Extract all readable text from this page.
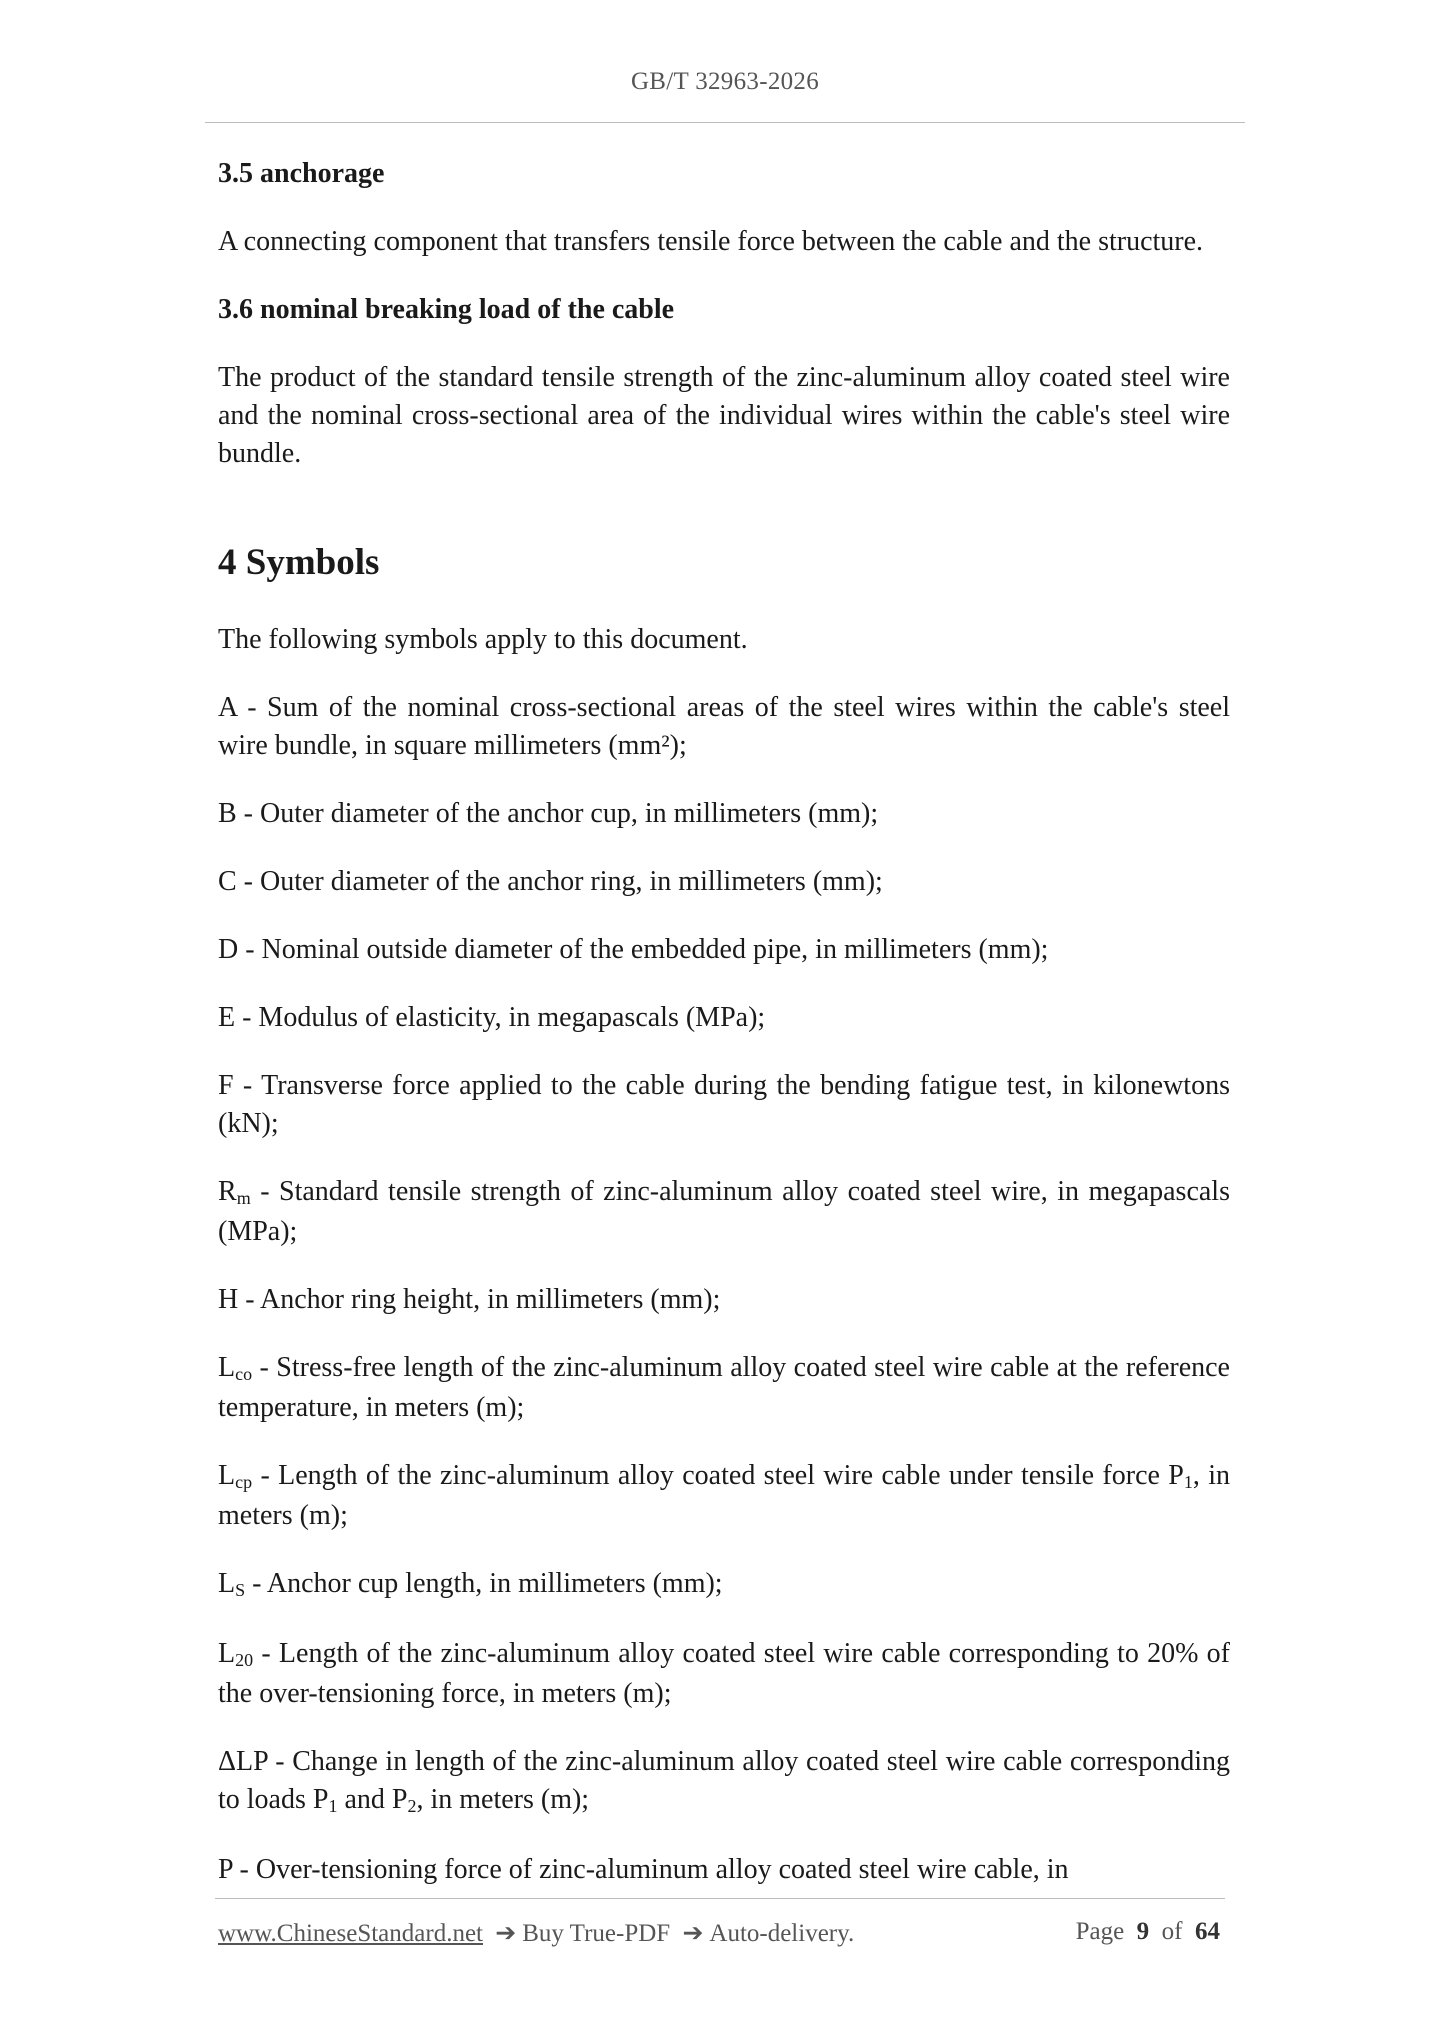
GB/T 32963-2026
3.5 anchorage
A connecting component that transfers tensile force between the cable and the structure.
3.6 nominal breaking load of the cable
The product of the standard tensile strength of the zinc-aluminum alloy coated steel wire and the nominal cross-sectional area of the individual wires within the cable's steel wire bundle.
4 Symbols
The following symbols apply to this document.
A - Sum of the nominal cross-sectional areas of the steel wires within the cable's steel wire bundle, in square millimeters (mm²);
B - Outer diameter of the anchor cup, in millimeters (mm);
C - Outer diameter of the anchor ring, in millimeters (mm);
D - Nominal outside diameter of the embedded pipe, in millimeters (mm);
E - Modulus of elasticity, in megapascals (MPa);
F - Transverse force applied to the cable during the bending fatigue test, in kilonewtons (kN);
Rm - Standard tensile strength of zinc-aluminum alloy coated steel wire, in megapascals (MPa);
H - Anchor ring height, in millimeters (mm);
Lco - Stress-free length of the zinc-aluminum alloy coated steel wire cable at the reference temperature, in meters (m);
Lcp - Length of the zinc-aluminum alloy coated steel wire cable under tensile force P1, in meters (m);
LS - Anchor cup length, in millimeters (mm);
L20 - Length of the zinc-aluminum alloy coated steel wire cable corresponding to 20% of the over-tensioning force, in meters (m);
ΔLP - Change in length of the zinc-aluminum alloy coated steel wire cable corresponding to loads P1 and P2, in meters (m);
P - Over-tensioning force of zinc-aluminum alloy coated steel wire cable, in
www.ChineseStandard.net ➔ Buy True-PDF ➔ Auto-delivery.	Page 9 of 64
